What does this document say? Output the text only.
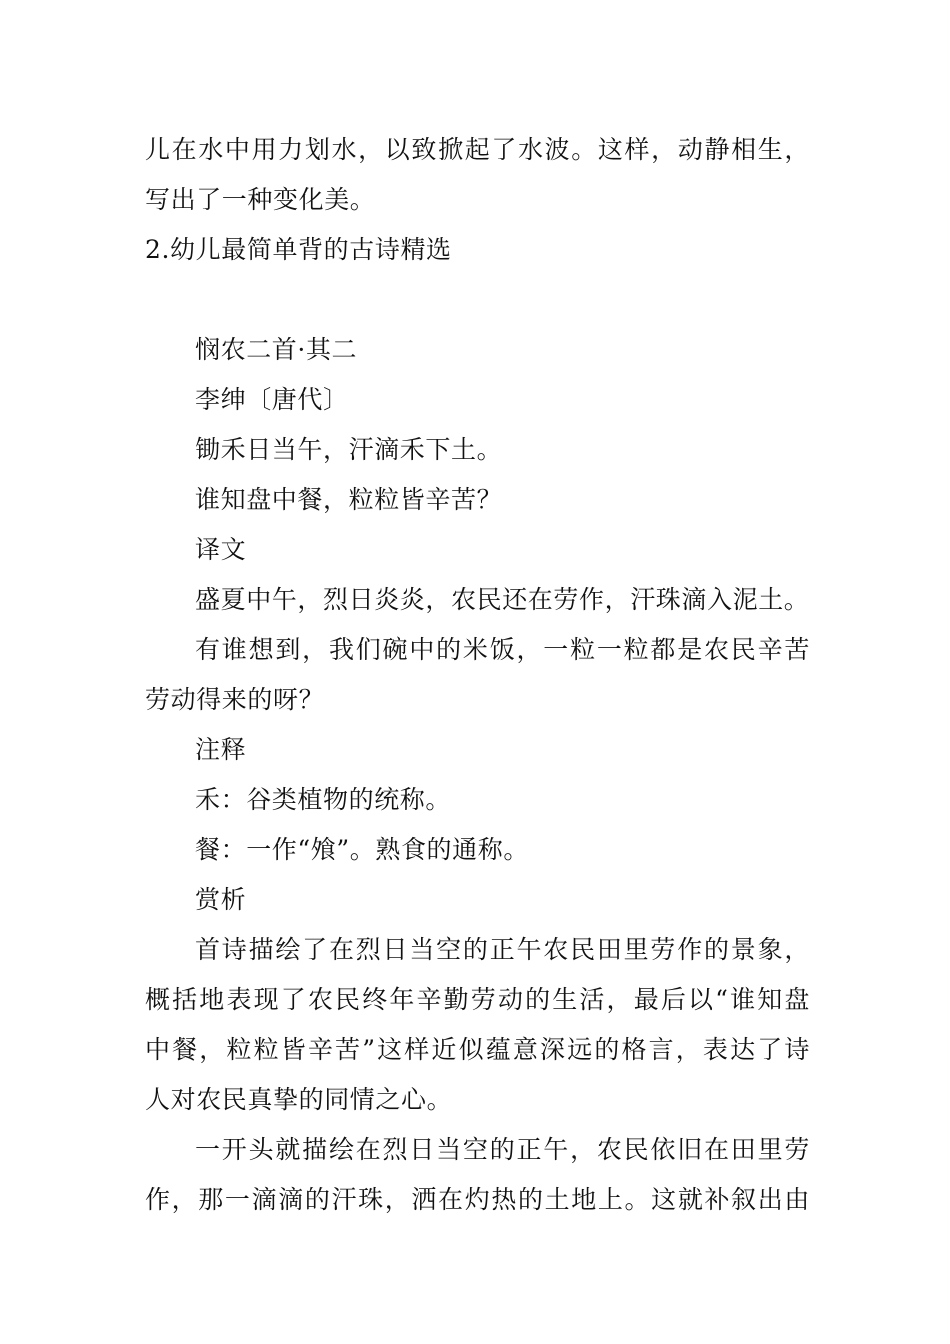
儿在水中用力划水，以致掀起了水波。这样，动静相生，
写出了一种变化美。
2.幼儿最简单背的古诗精选
悯农二首·其二
李绅〔唐代〕
锄禾日当午，汗滴禾下土。
谁知盘中餐，粒粒皆辛苦？
译文
盛夏中午，烈日炎炎，农民还在劳作，汗珠滴入泥土。
有谁想到，我们碗中的米饭，一粒一粒都是农民辛苦
劳动得来的呀？
注释
禾：谷类植物的统称。
餐：一作“飧”。熟食的通称。
赏析
首诗描绘了在烈日当空的正午农民田里劳作的景象，
概括地表现了农民终年辛勤劳动的生活，最后以“谁知盘
中餐，粒粒皆辛苦”这样近似蕴意深远的格言，表达了诗
人对农民真挚的同情之心。
一开头就描绘在烈日当空的正午，农民依旧在田里劳
作，那一滴滴的汗珠，洒在灼热的土地上。这就补叙出由
